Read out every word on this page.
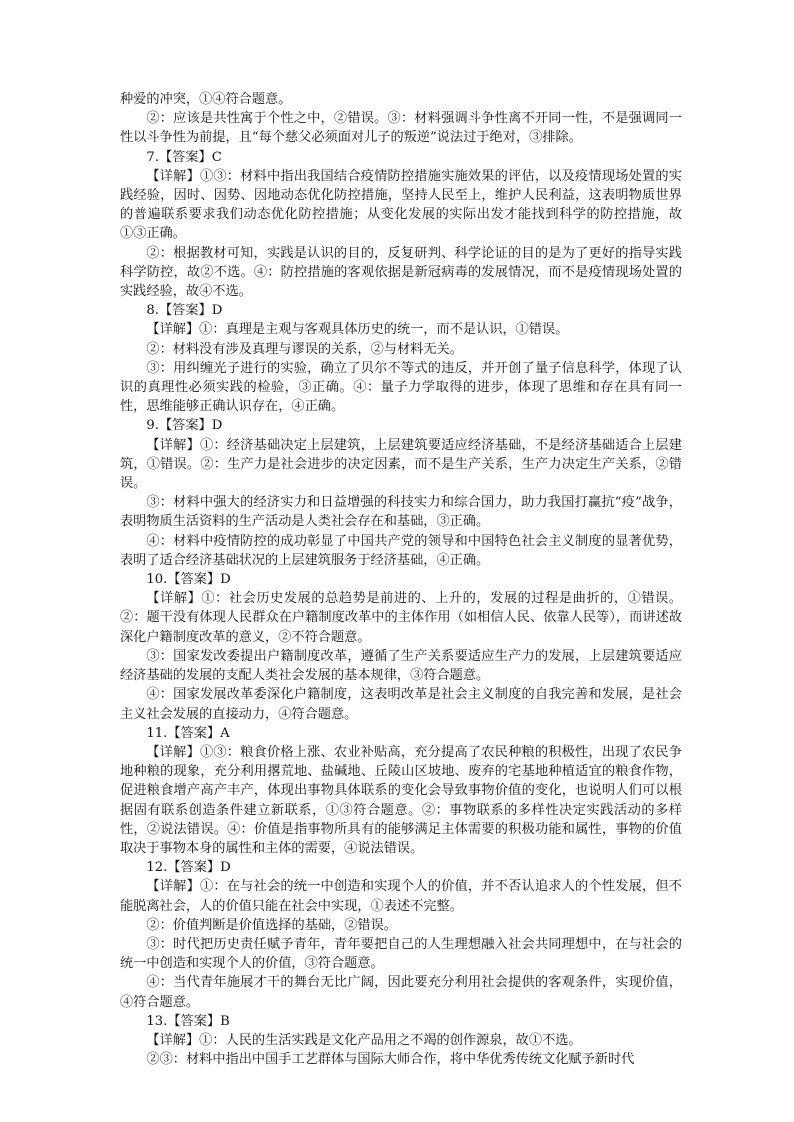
种爱的冲突，①④符合题意。

②：应该是共性寓于个性之中，②错误。③：材料强调斗争性离不开同一性，不是强调同一性以斗争性为前提，且“每个慈父必须面对儿子的叛逆”说法过于绝对，③排除。

7.【答案】C

【详解】①③：材料中指出我国结合疫情防控措施实施效果的评估，以及疫情现场处置的实践经验，因时、因势、因地动态优化防控措施，坚持人民至上，维护人民利益，这表明物质世界的普遍联系要求我们动态优化防控措施；从变化发展的实际出发才能找到科学的防控措施，故①③正确。

②：根据教材可知，实践是认识的目的，反复研判、科学论证的目的是为了更好的指导实践科学防控，故②不选。④：防控措施的客观依据是新冠病毒的发展情况，而不是疫情现场处置的实践经验，故④不选。

8.【答案】D

【详解】①：真理是主观与客观具体历史的统一，而不是认识，①错误。

②：材料没有涉及真理与谬误的关系，②与材料无关。

③：用纠缠光子进行的实验，确立了贝尔不等式的违反，并开创了量子信息科学，体现了认识的真理性必须实践的检验，③正确。④：量子力学取得的进步，体现了思维和存在具有同一性，思维能够正确认识存在，④正确。

9.【答案】D

【详解】①：经济基础决定上层建筑，上层建筑要适应经济基础，不是经济基础适合上层建筑，①错误。②：生产力是社会进步的决定因素，而不是生产关系，生产力决定生产关系，②错误。

③：材料中强大的经济实力和日益增强的科技实力和综合国力，助力我国打赢抗“疫”战争，表明物质生活资料的生产活动是人类社会存在和基础，③正确。

④：材料中疫情防控的成功彰显了中国共产党的领导和中国特色社会主义制度的显著优势，表明了适合经济基础状况的上层建筑服务于经济基础，④正确。

10.【答案】D

【详解】①：社会历史发展的总趋势是前进的、上升的，发展的过程是曲折的，①错误。②：题干没有体现人民群众在户籍制度改革中的主体作用（如相信人民、依靠人民等），而讲述故深化户籍制度改革的意义，②不符合题意。

③：国家发改委提出户籍制度改革，遵循了生产关系要适应生产力的发展，上层建筑要适应经济基础的发展的支配人类社会发展的基本规律，③符合题意。

④：国家发展改革委深化户籍制度，这表明改革是社会主义制度的自我完善和发展，是社会主义社会发展的直接动力，④符合题意。

11.【答案】A

【详解】①③：粮食价格上涨、农业补贴高，充分提高了农民种粮的积极性，出现了农民争地种粮的现象，充分利用撂荒地、盐碱地、丘陵山区坡地、废弃的宅基地种植适宜的粮食作物，促进粮食增产高产丰产，体现出事物具体联系的变化会导致事物价值的变化，也说明人们可以根据固有联系创造条件建立新联系，①③符合题意。②：事物联系的多样性决定实践活动的多样性，②说法错误。④：价值是指事物所具有的能够满足主体需要的积极功能和属性，事物的价值取决于事物本身的属性和主体的需要，④说法错误。

12.【答案】D

【详解】①：在与社会的统一中创造和实现个人的价值，并不否认追求人的个性发展，但不能脱离社会，人的价值只能在社会中实现，①表述不完整。

②：价值判断是价值选择的基础，②错误。

③：时代把历史责任赋予青年，青年要把自己的人生理想融入社会共同理想中，在与社会的统一中创造和实现个人的价值，③符合题意。

④：当代青年施展才干的舞台无比广阔，因此要充分利用社会提供的客观条件，实现价值，④符合题意。

13.【答案】B

【详解】①：人民的生活实践是文化产品用之不竭的创作源泉，故①不选。

②③：材料中指出中国手工艺群体与国际大师合作，将中华优秀传统文化赋予新时代
